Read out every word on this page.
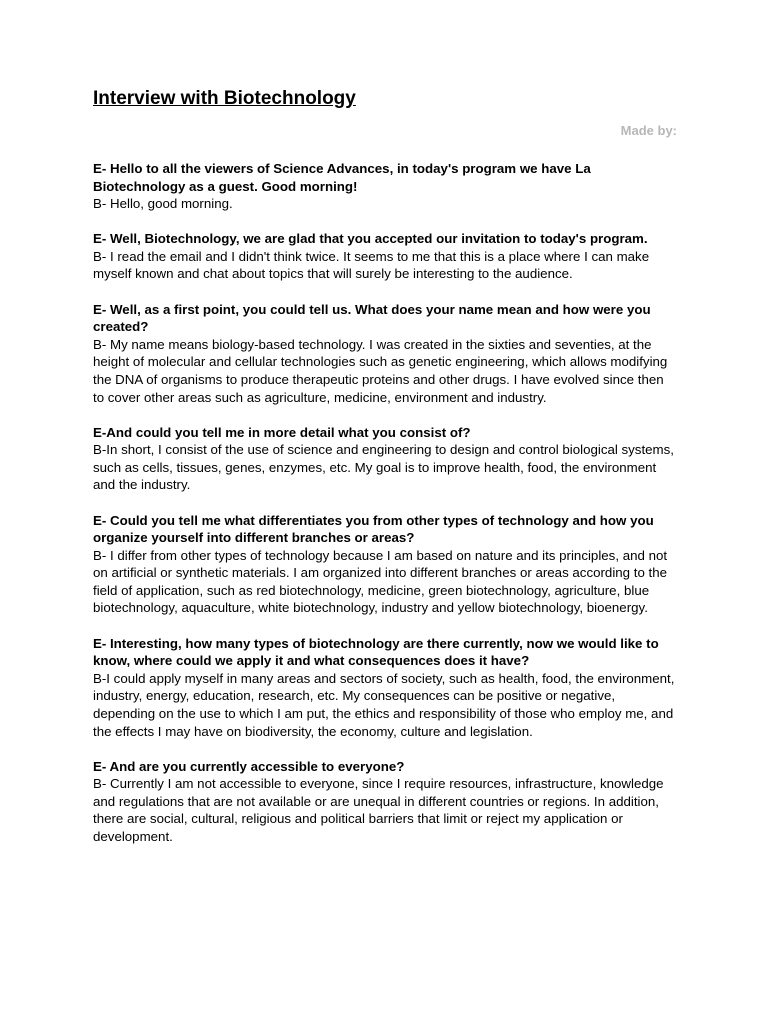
Interview with Biotechnology
Made by:

E- Hello to all the viewers of Science Advances, in today's program we have La Biotechnology as a guest. Good morning!

B- Hello, good morning.

E- Well, Biotechnology, we are glad that you accepted our invitation to today's program.

B- I read the email and I didn't think twice. It seems to me that this is a place where I can make myself known and chat about topics that will surely be interesting to the audience.

E- Well, as a first point, you could tell us. What does your name mean and how were you created?

B- My name means biology-based technology. I was created in the sixties and seventies, at the height of molecular and cellular technologies such as genetic engineering, which allows modifying the DNA of organisms to produce therapeutic proteins and other drugs. I have evolved since then to cover other areas such as agriculture, medicine, environment and industry.

E-And could you tell me in more detail what you consist of?

B-In short, I consist of the use of science and engineering to design and control biological systems, such as cells, tissues, genes, enzymes, etc. My goal is to improve health, food, the environment and the industry.

E- Could you tell me what differentiates you from other types of technology and how you organize yourself into different branches or areas?

B- I differ from other types of technology because I am based on nature and its principles, and not on artificial or synthetic materials. I am organized into different branches or areas according to the field of application, such as red biotechnology, medicine, green biotechnology, agriculture, blue biotechnology, aquaculture, white biotechnology, industry and yellow biotechnology, bioenergy.

E- Interesting, how many types of biotechnology are there currently, now we would like to know, where could we apply it and what consequences does it have?

B-I could apply myself in many areas and sectors of society, such as health, food, the environment, industry, energy, education, research, etc. My consequences can be positive or negative, depending on the use to which I am put, the ethics and responsibility of those who employ me, and the effects I may have on biodiversity, the economy, culture and legislation.

E- And are you currently accessible to everyone?

B- Currently I am not accessible to everyone, since I require resources, infrastructure, knowledge and regulations that are not available or are unequal in different countries or regions. In addition, there are social, cultural, religious and political barriers that limit or reject my application or development.
